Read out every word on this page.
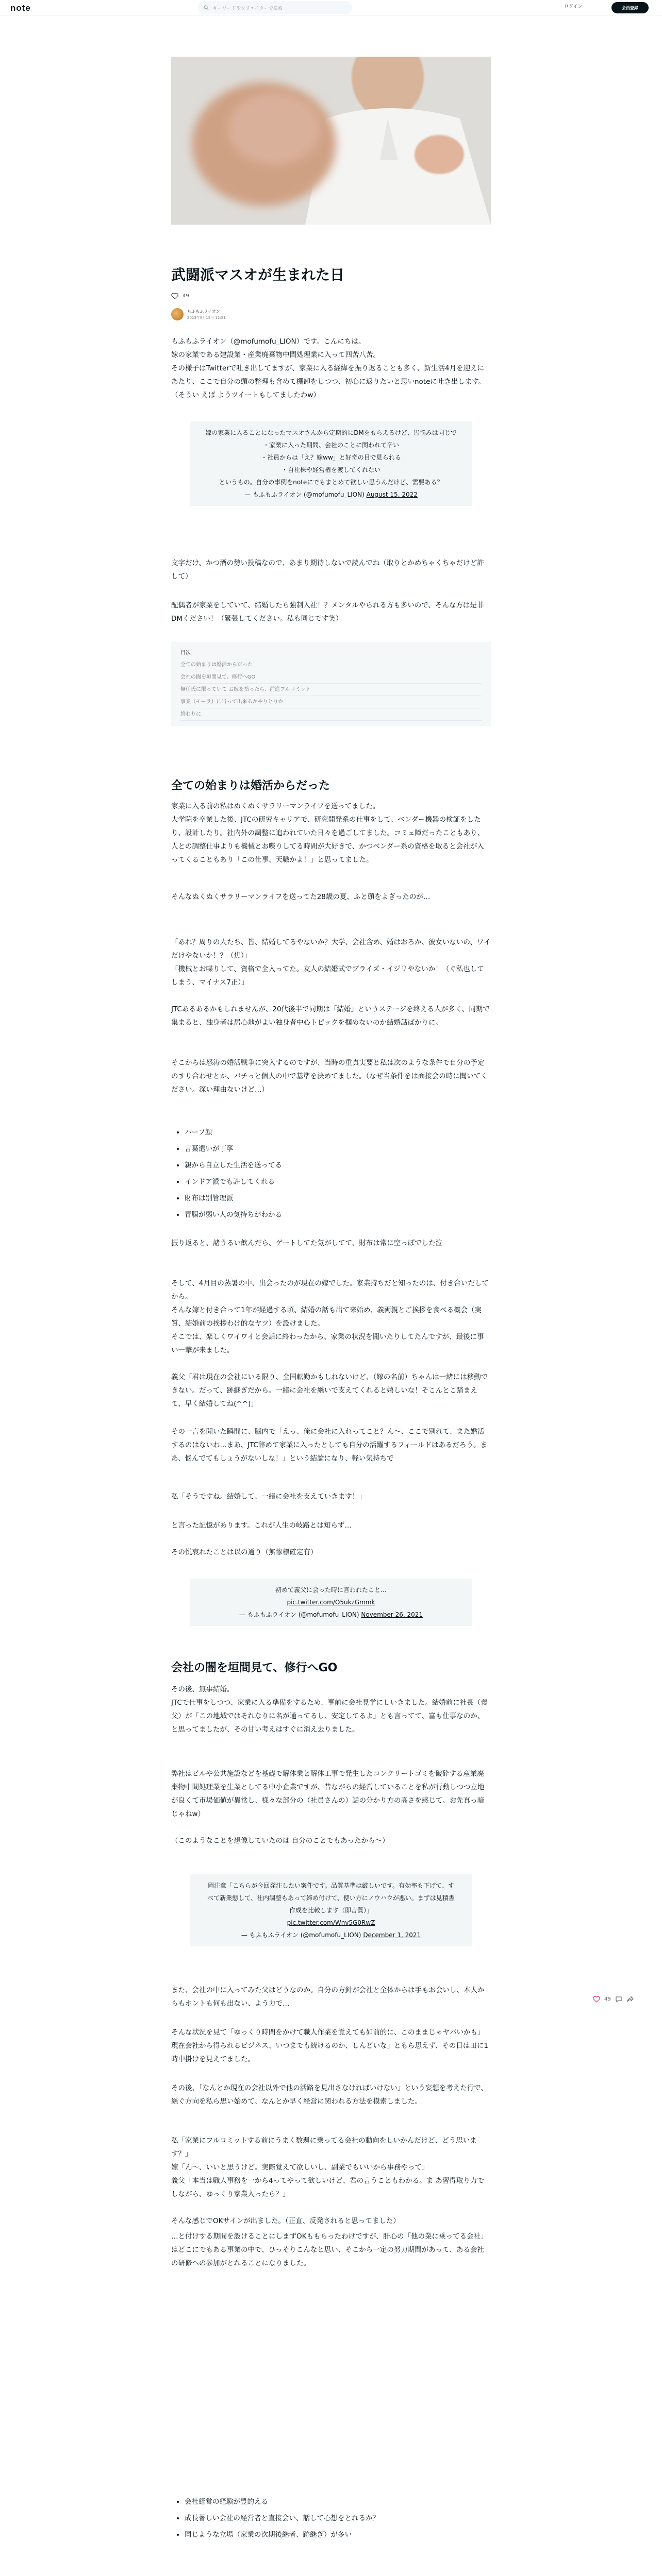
note	キーワードやクリエイターで検索	ログイン	会員登録
武闘派マスオが生まれた日
49
もふもふライオン
2023年8月15日 12:51

もふもふライオン（@mofumofu_LION）です。こんにちは。

嫁の家業である建設業・産業廃棄物中間処理業に入って四苦八苦。

その様子はTwitterで吐き出してますが、家業に入る経緯を振り返ることも多く、新生活4月を迎えにあたり、ここで自分の頭の整理も含めて棚卸をしつつ、初心に返りたいと思いnoteに吐き出します。（そうい えば ようツイートもしてましたわw）

嫁の家業に入ることになったマスオさんから定期的にDMをもらえるけど、皆悩みは同じで
・家業に入った期間、会社のことに関われて辛い
・社員からは「え？嫁ww」と好奇の目で見られる
・自社株や経営権を渡してくれない
というもの。自分の事例をnoteにでもまとめて欲しい思うんだけど、需要ある？
— もふもふライオン (@mofumofu_LION) August 15, 2022

文字だけ、かつ酒の勢い投稿なので、あまり期待しないで読んでね（取りとかめちゃくちゃだけど許して）

配偶者が家業をしていて、結婚したら強制入社！？メンタルやられる方も多いので、そんな方は是非DMください！（緊張してください。私も同じです笑）

目次
全ての始まりは婚活からだった
会社の闇を垣間見て、修行へGO
無任氏に限っていて お嫁を拾ったら、前進フルコミット
事業（モーラ）に当って出来るかやりとりか
終わりに
全ての始まりは婚活からだった

家業に入る前の私はぬくぬくサラリーマンライフを送ってました。

大学院を卒業した後、JTCの研究キャリアで、研究開発系の仕事をして、ベンダー機器の検証をしたり、設計したり。社内外の調整に追われていた日々を過ごしてました。コミュ障だったこともあり、人との調整仕事よりも機械とお喋りしてる時間が大好きで、かつベンダー系の資格を取ると会社が入ってくることもあり「この仕事、天職かよ！」と思ってました。

そんなぬくぬくサラリーマンライフを送ってた28歳の夏、ふと頭をよぎったのが…

「あれ？周りの人たち、皆、結婚してるやないか？大学、会社含め、婚はおろか、彼女いないの、ワイだけやないか！？（焦）」

「機械とお喋りして、資格で全入ってた。友人の結婚式でブライズ・イジリやないか！（ぐ私也してしまう、マイナス7正）」

JTCあるあるかもしれませんが、20代後半で同期は「結婚」というステージを終える人が多く、同期で集まると、独身者は居心地がよい独身者中心トピックを掴めないのか結婚話ばかりに。

そこからは怒涛の婚活戦争に突入するのですが、当時の重真実要と私は次のような条件で自分の予定のすり合わせとか、バチっと個人の中で基準を決めてました。（なぜ当条件をは面接会の時に聞いてください。深い理由ないけど…）

• ハーフ顔
• 言葉遣いが丁寧
• 親から自立した生活を送ってる
• インドア派でも許してくれる
• 財布は別管理派
• 胃腸が弱い人の気持ちがわかる

振り返ると、諸うるい飲んだら、ゲートしてた気がしてて、財布は常に空っぽでした泣

そして、4月目の蒸暑の中、出会ったのが現在の嫁でした。家業持ちだと知ったのは、付き合いだしてから。

そんな嫁と付き合って1年が経過する頃、結婚の話も出て来始め、義両親とご挨拶を食べる機会（実質、結婚前の挨拶わけ的なヤツ）を設けました。

そこでは、楽しくワイワイと会話に終わったから、家業の状況を聞いたりしてたんですが、最後に事い一撃が来ました。

義父「君は現在の会社にいる限り、全国転勤かもしれないけど、（嫁の名前）ちゃんは一緒には移動できない。だって、跡継ぎだから。一緒に会社を継いで支えてくれると嬉しいな！そこんとこ踏まえて、早く結婚してね(^^)」

その一言を聞いた瞬間に、脳内で「えっ、俺に会社に入れってこと？ん～、ここで別れて、また婚活するのはないわ…まあ、JTC辞めて家業に入ったとしても自分の活躍するフィールドはあるだろう。まあ、悩んでてもしょうがないしな！」という結論になり、軽い気持ちで

私「そうですね。結婚して、一緒に会社を支えていきます！」

と言った記憶があります。これが人生の岐路とは知らず…

その悦哀れたことは以の通り（無惨様確定有）

初めて義父に会った時に言われたこと…
pic.twitter.com/O5ukzGmmk
— もふもふライオン (@mofumofu_LION) November 26, 2021
会社の闇を垣間見て、修行へGO

その後、無事結婚。

JTCで仕事をしつつ、家業に入る準備をするため、事前に会社見学にしいきました。結婚前に社長（義父）が「この地域ではそれなりに名が通ってるし、安定してるよ」とも言ってて、富も仕事なのか、と思ってましたが、その甘い考えはすぐに消え去りました。

弊社はビルや公共施設などを基礎で解体業と解体工事で発生したコンクリートゴミを破砕する産業廃棄物中間処理業を生業としてる中小企業ですが、昔ながらの経営していることを私が行動しつつ立地が良くて市場価値が異常し、様々な部分の（社員さんの）話の分かり方の高さを感じて。お先真っ暗じゃねw）

（このようなことを想像していたのは 自分のことでもあったから〜）

岡注意「こちらが今回発注したい案件です。品質基準は厳しいです。有効率も下げて、すべて新業態して、社内調整もあって締め付けて、使い方にノウハウが悪い。まずは見積書作成を比較します（即言質）」
pic.twitter.com/Wnv5G0RwZ
— もふもふライオン (@mofumofu_LION) December 1, 2021

また、会社の中に入ってみた父はどうなのか。自分の方針が会社と全体からは手もお会いし、本人からもホントも何も出ない、よう力で…

そんな状況を見て「ゆっくり時間をかけて職人作業を覚えても如前的に、このままじゃヤバいかも」現在会社から得られるビジネス、いつまでも続けるのか、しんどいな」ともら思えず、その日は田に1時中掛けを見えてました。

その後、「なんとか現在の会社以外で他の活路を見出さなければいけない」という妄想を考えた行で、継ぐ方向を私ら思い始めて、なんとか早く経営に関われる方法を模索しました。

私「家業にフルコミットする前にうまく数週に乗ってる会社の動向をしいかんだけど、どう思います？」

嫁「ん～、いいと思うけど。実際覚えて欲しいし、副業でもいいから事務やって」

義父「本当は職人事務を一から4ってやって欲しいけど、君の言うこともわかる。ま あ習得取り力でしながら、ゆっくり家業入ったら？」

そんな感じでOKサインが出ました。（正直、反発されると思ってました）

…と付けする期間を設けることにしまずOKももらったわけですが、肝心の「他の業に乗ってる会社」はどこにでもある事業の中で、ひっそりこんなと思い、そこから一定の努力期間があって、ある会社の研修への参加がとれることになりました。

• 会社経営の経験が豊的える
• 成長著しい会社の経営者と直接会い、話して心想をとれるか？
• 同じような立場（家業の次期後継者、跡継ぎ）が多い
49
